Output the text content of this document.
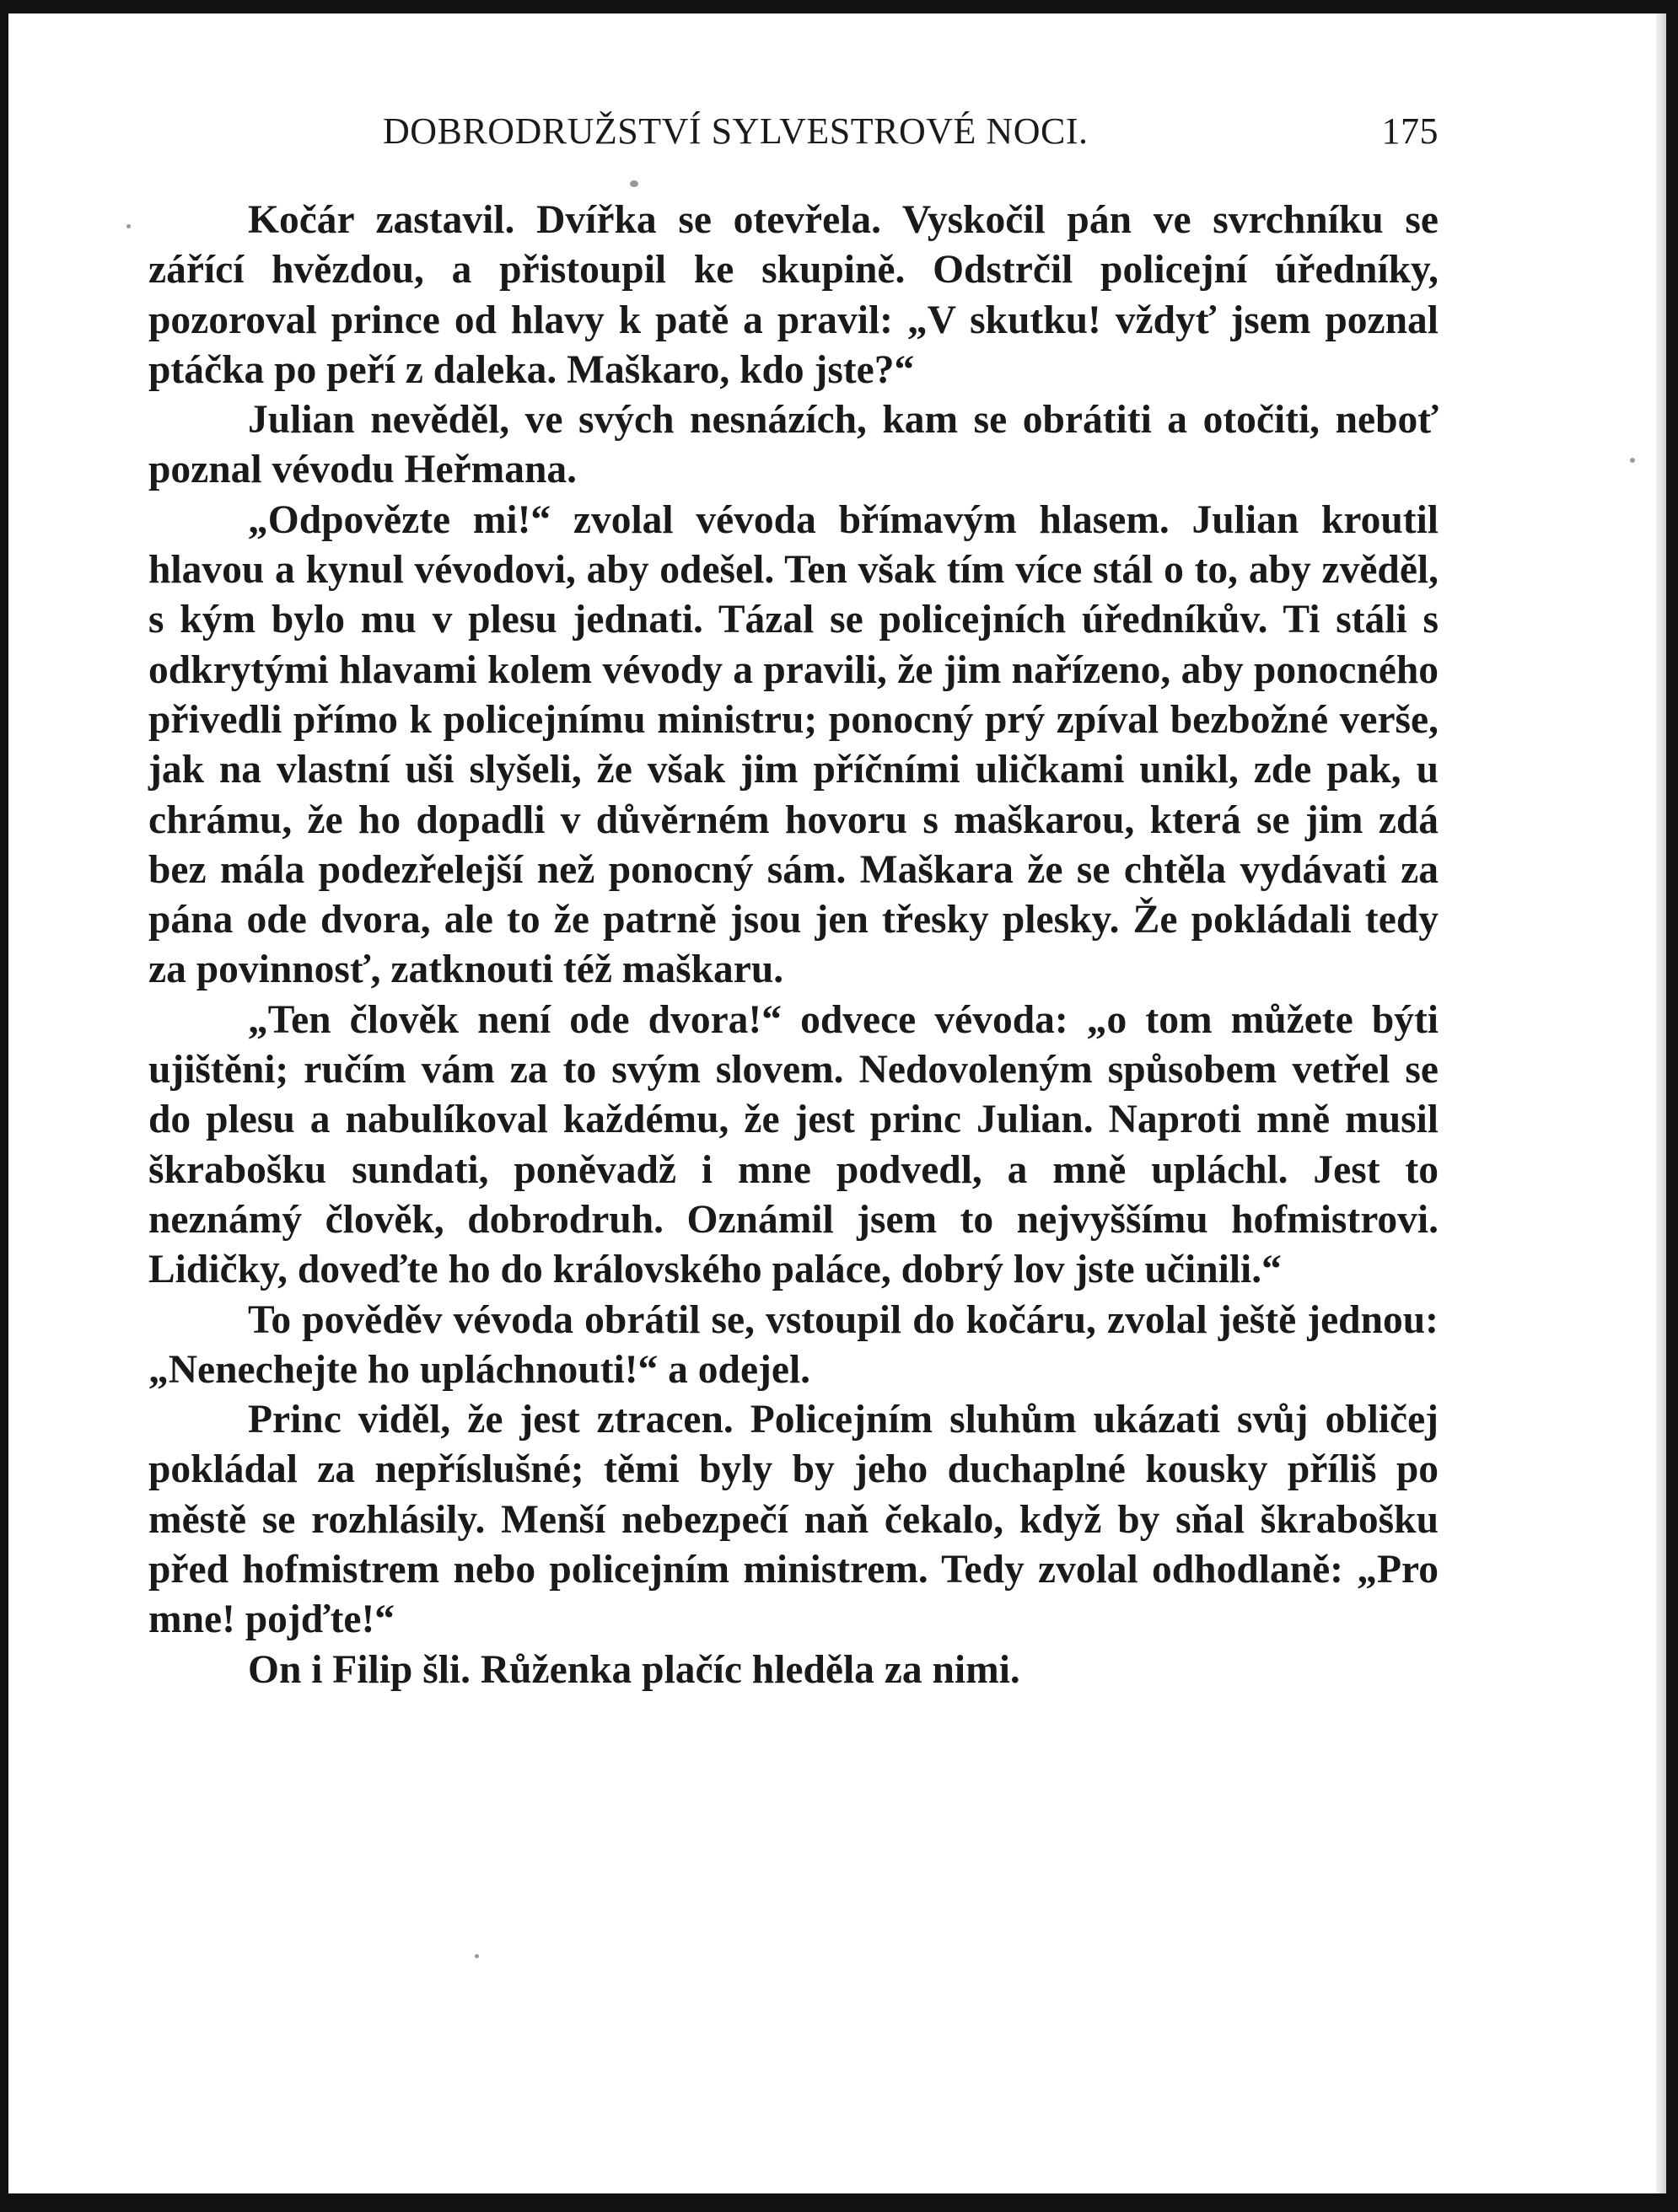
DOBRODRUŽSTVÍ SYLVESTROVÉ NOCI.	175

Kočár zastavil. Dvířka se otevřela. Vyskočil pán ve svrchníku se zářící hvězdou, a přistoupil ke skupině. Odstrčil policejní úředníky, pozoroval prince od hlavy k patě a pravil: „V skutku! vždyť jsem poznal ptáčka po peří z daleka. Maškaro, kdo jste?“

Julian nevěděl, ve svých nesnázích, kam se obrátiti a otočiti, neboť poznal vévodu Heřmana.

„Odpovězte mi!“ zvolal vévoda břímavým hlasem. Julian kroutil hlavou a kynul vévodovi, aby odešel. Ten však tím více stál o to, aby zvěděl, s kým bylo mu v plesu jednati. Tázal se policejních úředníkův. Ti stáli s odkrytými hlavami kolem vévody a pravili, že jim nařízeno, aby ponocného přivedli přímo k policejnímu ministru; ponocný prý zpíval bezbožné verše, jak na vlastní uši slyšeli, že však jim příčními uličkami unikl, zde pak, u chrámu, že ho dopadli v důvěrném hovoru s maškarou, která se jim zdá bez mála podezřelejší než ponocný sám. Maškara že se chtěla vydávati za pána ode dvora, ale to že patrně jsou jen třesky plesky. Že pokládali tedy za povinnosť, zatknouti též maškaru.

„Ten člověk není ode dvora!“ odvece vévoda: „o tom můžete býti ujištěni; ručím vám za to svým slovem. Nedovoleným spůsobem vetřel se do plesu a nabulíkoval každému, že jest princ Julian. Naproti mně musil škrabošku sundati, poněvadž i mne podvedl, a mně upláchl. Jest to neznámý člověk, dobrodruh. Oznámil jsem to nejvyššímu hofmistrovi. Lidičky, doveďte ho do královského paláce, dobrý lov jste učinili.“

To pověděv vévoda obrátil se, vstoupil do kočáru, zvolal ještě jednou: „Nenechejte ho upláchnouti!“ a odejel.

Princ viděl, že jest ztracen. Policejním sluhům ukázati svůj obličej pokládal za nepříslušné; těmi byly by jeho duchaplné kousky příliš po městě se rozhlásily. Menší nebezpečí naň čekalo, když by sňal škrabošku před hofmistrem nebo policejním ministrem. Tedy zvolal odhodlaně: „Pro mne! pojďte!“

On i Filip šli. Růženka plačíc hleděla za nimi.
